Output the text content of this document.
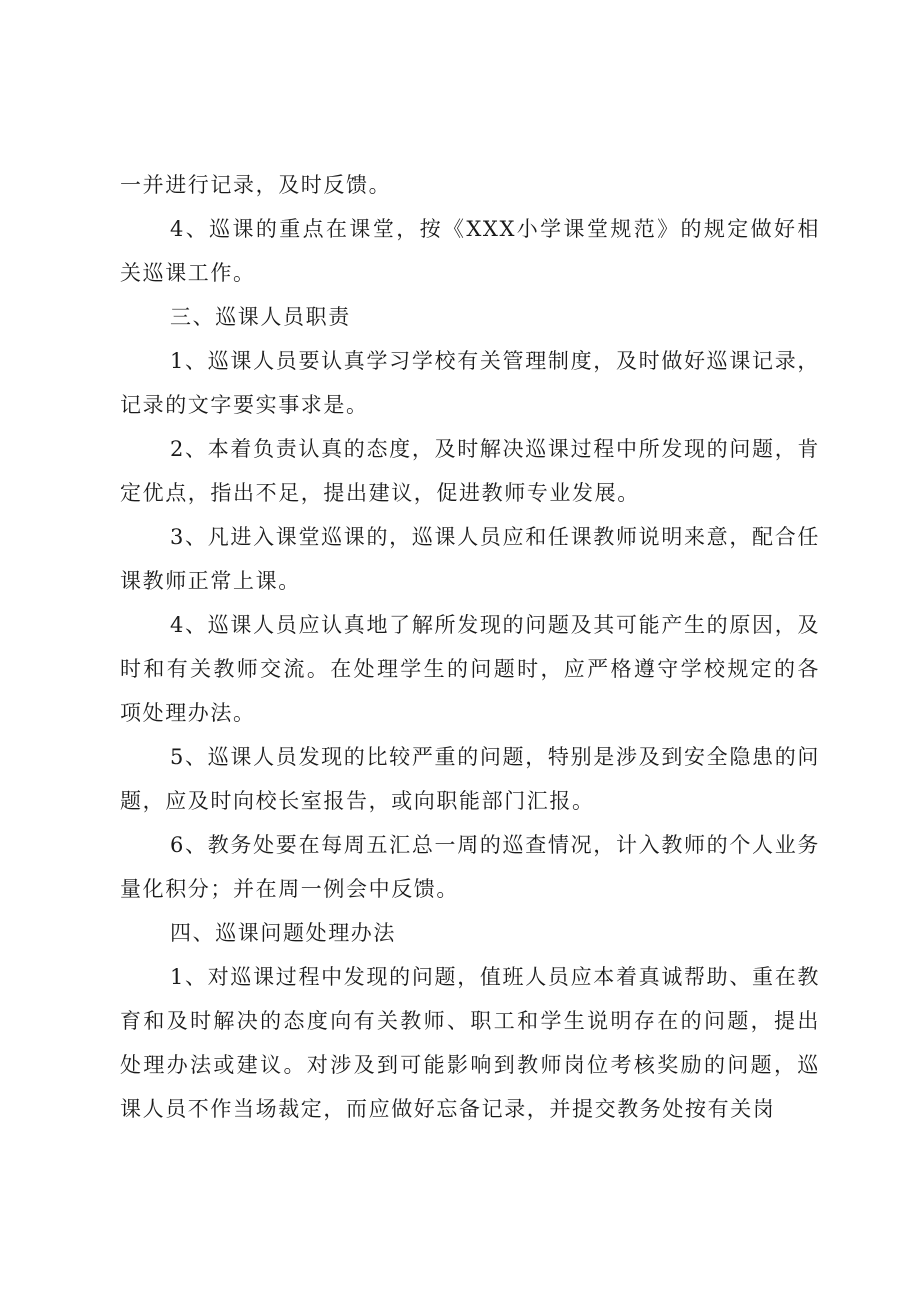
一并进行记录，及时反馈。

4、巡课的重点在课堂，按《XXX小学课堂规范》的规定做好相关巡课工作。

三、巡课人员职责

1、巡课人员要认真学习学校有关管理制度，及时做好巡课记录，记录的文字要实事求是。

2、本着负责认真的态度，及时解决巡课过程中所发现的问题，肯定优点，指出不足，提出建议，促进教师专业发展。

3、凡进入课堂巡课的，巡课人员应和任课教师说明来意，配合任课教师正常上课。

4、巡课人员应认真地了解所发现的问题及其可能产生的原因，及时和有关教师交流。在处理学生的问题时，应严格遵守学校规定的各项处理办法。

5、巡课人员发现的比较严重的问题，特别是涉及到安全隐患的问题，应及时向校长室报告，或向职能部门汇报。

6、教务处要在每周五汇总一周的巡查情况，计入教师的个人业务量化积分；并在周一例会中反馈。

四、巡课问题处理办法

1、对巡课过程中发现的问题，值班人员应本着真诚帮助、重在教育和及时解决的态度向有关教师、职工和学生说明存在的问题，提出处理办法或建议。对涉及到可能影响到教师岗位考核奖励的问题，巡课人员不作当场裁定，而应做好忘备记录，并提交教务处按有关岗
